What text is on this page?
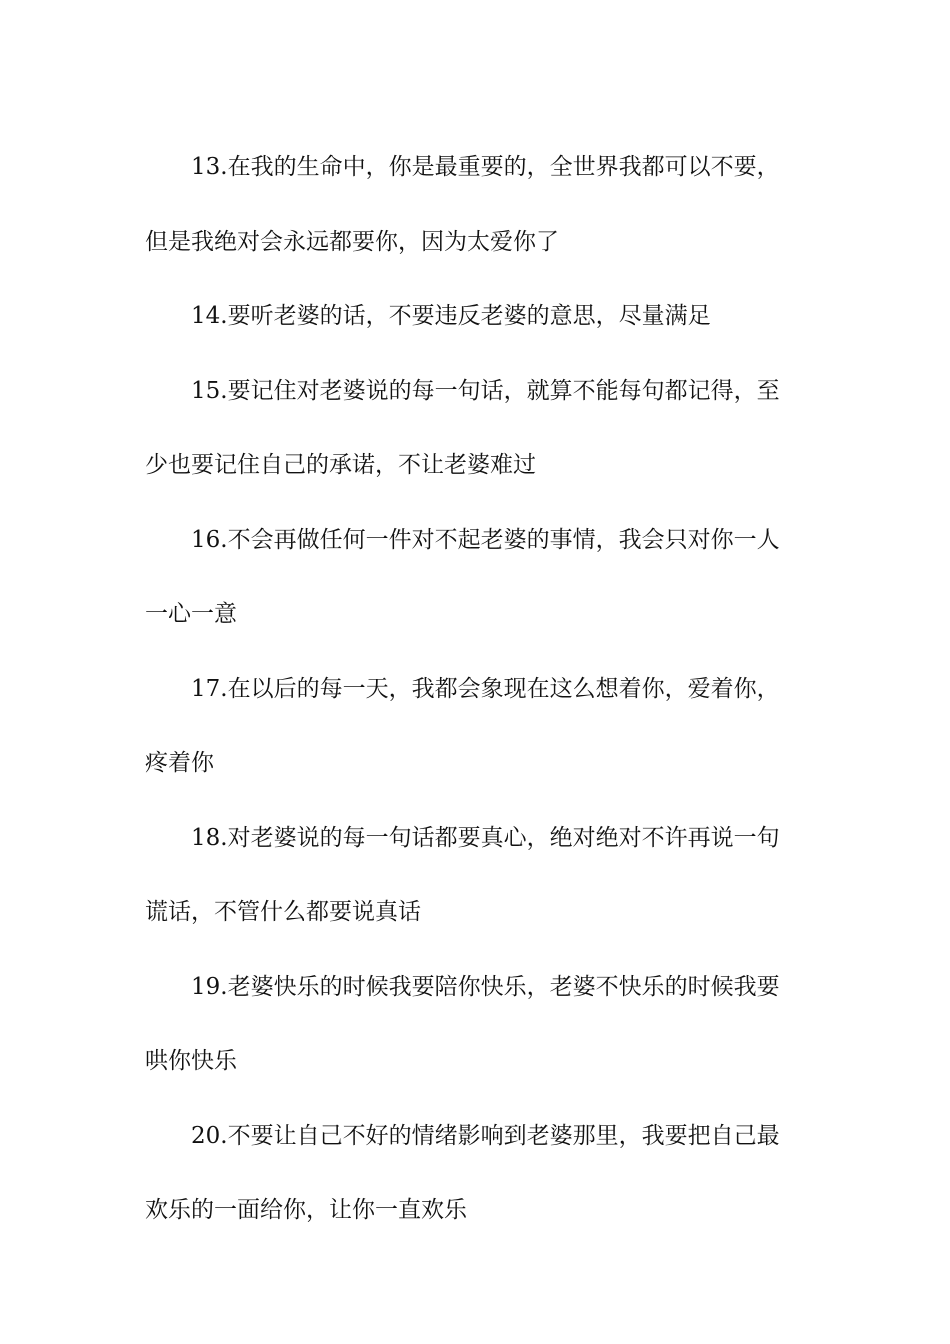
13.在我的生命中，你是最重要的，全世界我都可以不要，
但是我绝对会永远都要你，因为太爱你了

14.要听老婆的话，不要违反老婆的意思，尽量满足

15.要记住对老婆说的每一句话，就算不能每句都记得，至
少也要记住自己的承诺，不让老婆难过

16.不会再做任何一件对不起老婆的事情，我会只对你一人
一心一意

17.在以后的每一天，我都会象现在这么想着你，爱着你，
疼着你

18.对老婆说的每一句话都要真心，绝对绝对不许再说一句
谎话，不管什么都要说真话

19.老婆快乐的时候我要陪你快乐，老婆不快乐的时候我要
哄你快乐

20.不要让自己不好的情绪影响到老婆那里，我要把自己最
欢乐的一面给你，让你一直欢乐
